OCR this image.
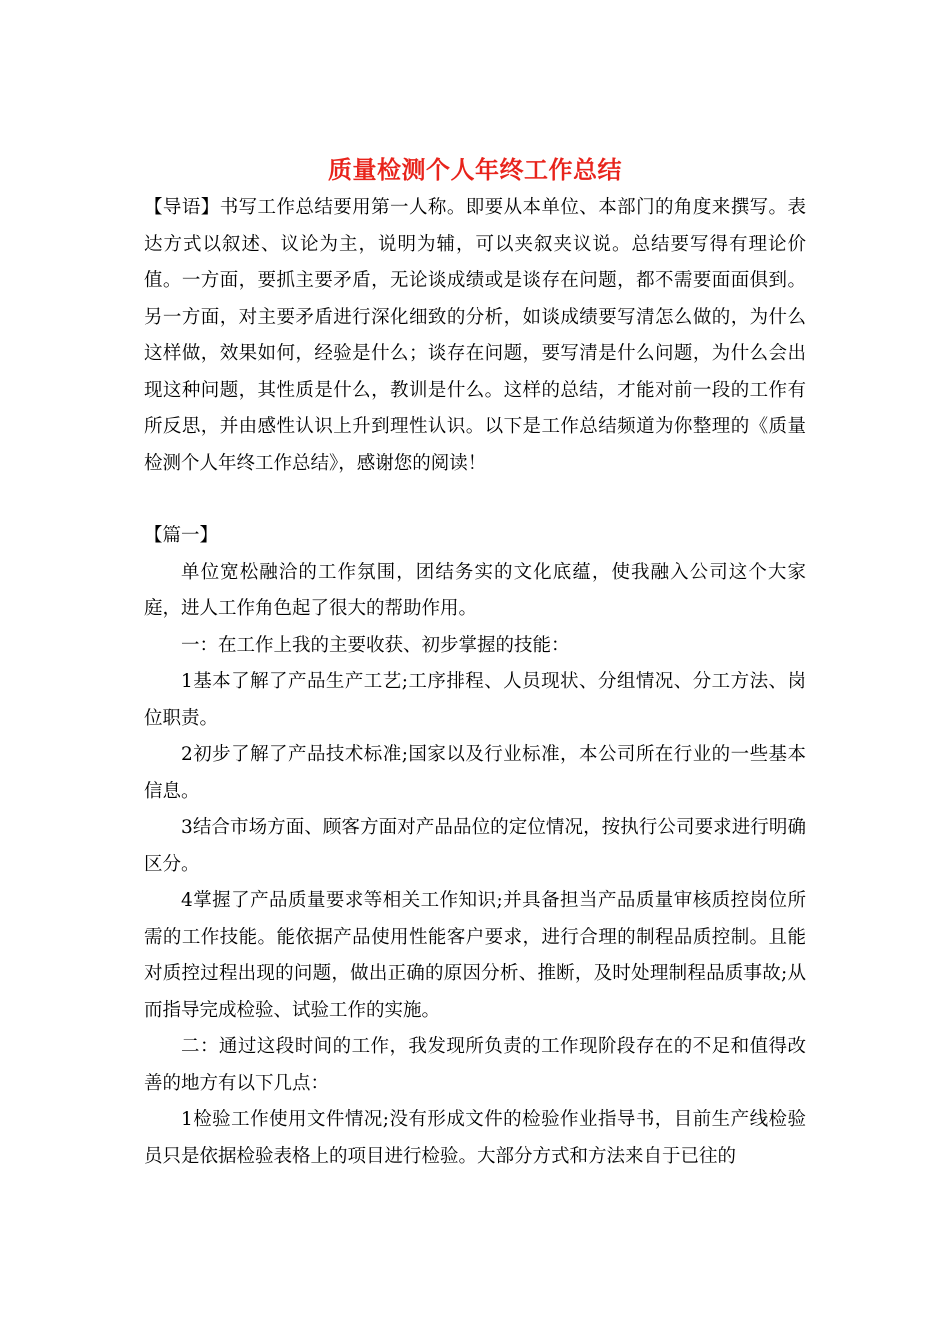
质量检测个人年终工作总结

【导语】书写工作总结要用第一人称。即要从本单位、本部门的角度来撰写。表达方式以叙述、议论为主，说明为辅，可以夹叙夹议说。总结要写得有理论价值。一方面，要抓主要矛盾，无论谈成绩或是谈存在问题，都不需要面面俱到。另一方面，对主要矛盾进行深化细致的分析，如谈成绩要写清怎么做的，为什么这样做，效果如何，经验是什么；谈存在问题，要写清是什么问题，为什么会出现这种问题，其性质是什么，教训是什么。这样的总结，才能对前一段的工作有所反思，并由感性认识上升到理性认识。以下是工作总结频道为你整理的《质量检测个人年终工作总结》，感谢您的阅读！

【篇一】

单位宽松融洽的工作氛围，团结务实的文化底蕴，使我融入公司这个大家庭，进人工作角色起了很大的帮助作用。

一：在工作上我的主要收获、初步掌握的技能：

1基本了解了产品生产工艺;工序排程、人员现状、分组情况、分工方法、岗位职责。

2初步了解了产品技术标准;国家以及行业标准，本公司所在行业的一些基本信息。

3结合市场方面、顾客方面对产品品位的定位情况，按执行公司要求进行明确区分。

4掌握了产品质量要求等相关工作知识;并具备担当产品质量审核质控岗位所需的工作技能。能依据产品使用性能客户要求，进行合理的制程品质控制。且能对质控过程出现的问题，做出正确的原因分析、推断，及时处理制程品质事故;从而指导完成检验、试验工作的实施。

二：通过这段时间的工作，我发现所负责的工作现阶段存在的不足和值得改善的地方有以下几点：

1检验工作使用文件情况;没有形成文件的检验作业指导书，目前生产线检验员只是依据检验表格上的项目进行检验。大部分方式和方法来自于已往的
